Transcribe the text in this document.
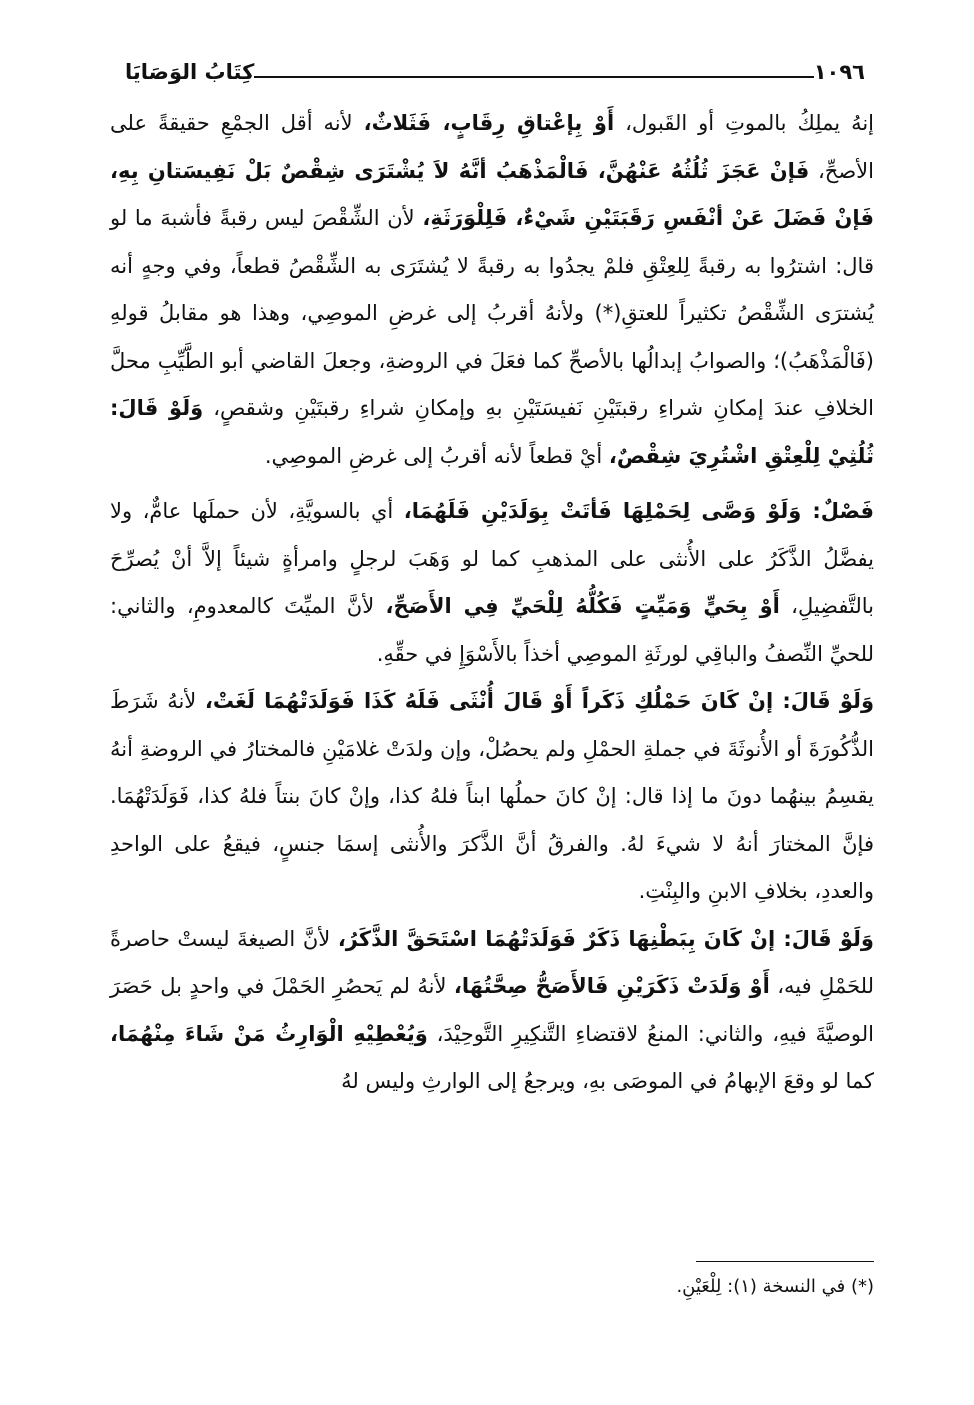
١٠٩٦
كِتَابُ الوَصَايَا

إنهُ يملِكُ بالموتِ أو القَبول، أَوْ بِإعْتاقِ رِقَابٍ، فَثَلاثٌ، لأنه أقل الجمْعِ حقيقةً على الأصحِّ، فَإنْ عَجَزَ ثُلُثُهُ عَنْهُنَّ، فَالْمَذْهَبُ أنَّهُ لاَ يُشْتَرَى شِقْصٌ بَلْ نَفِيسَتانِ بِهِ، فَإنْ فَضَلَ عَنْ أنْفَسِ رَقَبَتَيْنِ شَيْءٌ، فَلِلْوَرَثَةِ، لأن الشِّقْصَ ليس رقبةً فأشبهَ ما لو قال: اشترُوا به رقبةً لِلعِتْقِ فلمْ يجدُوا به رقبةً لا يُشتَرَى به الشِّقْصُ قطعاً، وفي وجهٍ أنه يُشترَى الشِّقْصُ تكثيراً للعتقِ(*) ولأنهُ أقربُ إلى غرضِ الموصِي، وهذا هو مقابلُ قولهِ (فَالْمَذْهَبُ)؛ والصوابُ إبدالُها بالأصحِّ كما فعَلَ في الروضةِ، وجعلَ القاضي أبو الطَّيِّبِ محلَّ الخلافِ عندَ إمكانِ شراءِ رقبتَيْنِ نَفيسَتَيْنِ بهِ وإمكانِ شراءِ رقبتَيْنِ وشقصٍ، وَلَوْ قَالَ: ثُلُثِيْ لِلْعِتْقِ اشْتُرِيَ شِقْصٌ، أيْ قطعاً لأنه أقربُ إلى غرضِ الموصِي.

فَصْلٌ: وَلَوْ وَصَّى لِحَمْلِهَا فَأتَتْ بِوَلَدَيْنِ فَلَهُمَا، أي بالسويَّةِ، لأن حملَها عامٌّ، ولا يفضَّلُ الذَّكَرُ على الأُنثى على المذهبِ كما لو وَهَبَ لرجلٍ وامرأةٍ شيئاً إلاَّ أنْ يُصرِّحَ بالتَّفضِيلِ، أَوْ بِحَيٍّ وَمَيِّتٍ فَكُلُّهُ لِلْحَيِّ فِي الأَصَحِّ، لأنَّ الميِّتَ كالمعدومِ، والثاني: للحيِّ النِّصفُ والباقِي لورثَةِ الموصِي أخذاً بالأَسْوَإِ في حقِّهِ.

وَلَوْ قَالَ: إنْ كَانَ حَمْلُكِ ذَكَراً أَوْ قَالَ أُنْثَى فَلَهُ كَذَا فَوَلَدَتْهُمَا لَغَتْ، لأنهُ شَرَطَ الذُّكُورَةَ أو الأُنوثَةَ في جملةِ الحمْلِ ولم يحصُلْ، وإن ولدَتْ غلامَيْنِ فالمختارُ في الروضةِ أنهُ يقسِمُ بينهُما دونَ ما إذا قال: إنْ كانَ حملُها ابناً فلهُ كذا، وإنْ كانَ بنتاً فلهُ كذا، فَوَلَدَتْهُمَا. فإنَّ المختارَ أنهُ لا شيءَ لهُ. والفرقُ أنَّ الذَّكرَ والأُنثى إسمَا جنسٍ، فيقعُ على الواحدِ والعددِ، بخلافِ الابنِ والبِنْتِ.

وَلَوْ قَالَ: إنْ كَانَ بِبَطْنِهَا ذَكَرٌ فَوَلَدَتْهُمَا اسْتَحَقَّ الذَّكَرُ، لأنَّ الصيغةَ ليستْ حاصرةً للحَمْلِ فيه، أَوْ وَلَدَتْ ذَكَرَيْنِ فَالأَصَحُّ صِحَّتُهَا، لأنهُ لم يَحصُرِ الحَمْلَ في واحدٍ بل حَصَرَ الوصيَّةَ فيهِ، والثاني: المنعُ لاقتضاءِ التَّنكِيرِ التَّوحِيْدَ، وَيُعْطِيْهِ الْوَارِثُ مَنْ شَاءَ مِنْهُمَا، كما لو وقعَ الإبهامُ في الموصَى بهِ، ويرجعُ إلى الوارثِ وليس لهُ

(*) في النسخة (١): لِلْعَيْنِ.
